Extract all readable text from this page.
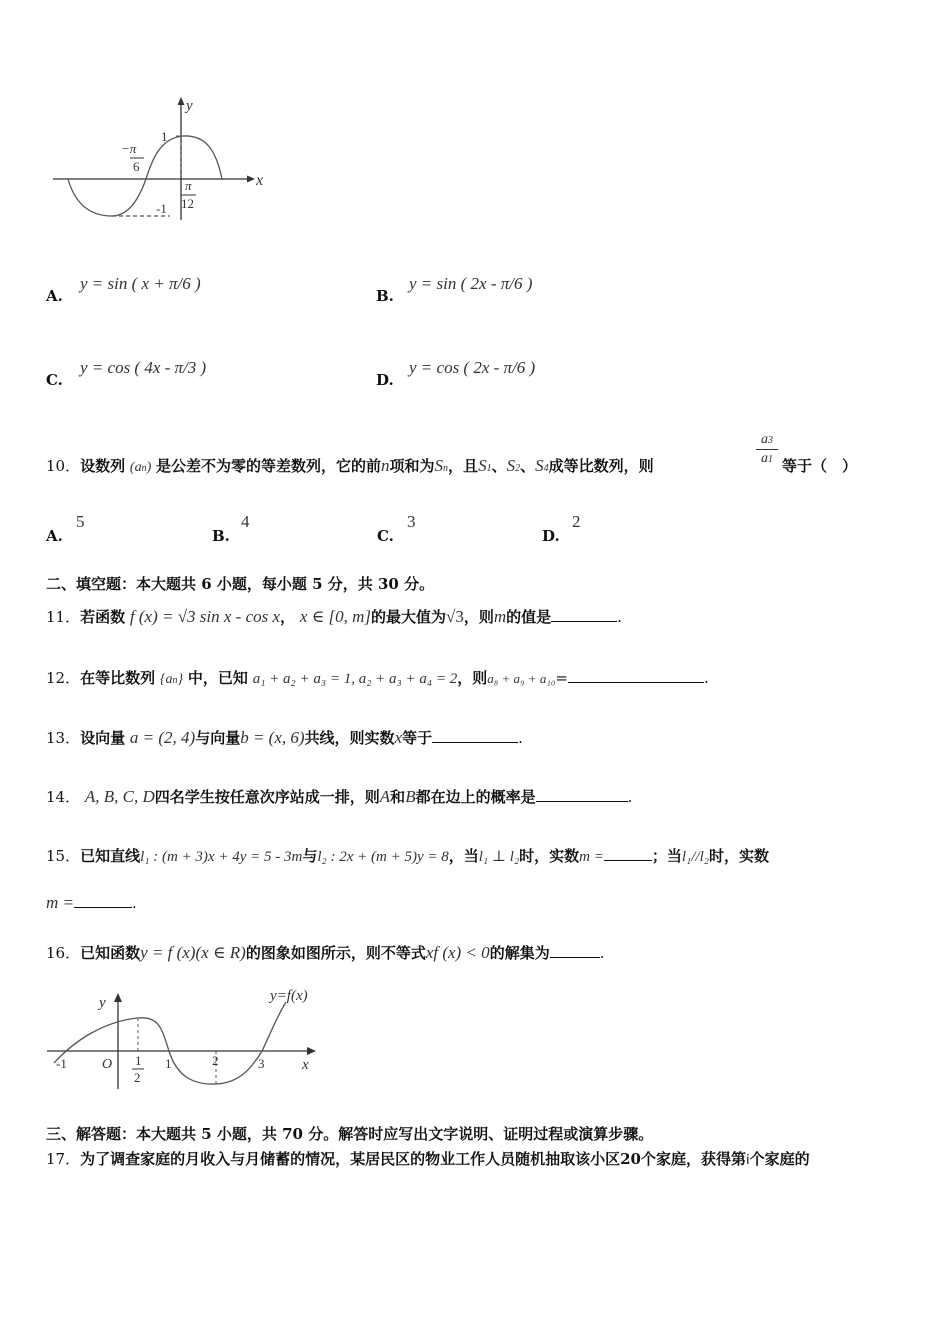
y
x
1
-1
−π
6
π
12
A.
y = sin ( x + π/6 )
B.
y = sin ( 2x - π/6 )
C.
y = cos ( 4x - π/3 )
D.
y = cos ( 2x - π/6 )
10．设数列 (an) 是公差不为零的等差数列，它的前n项和为Sn，且S1、S2、S4成等比数列，则
a3
a1 等于（　）
A.
5
B.
4
C.
3
D.
2
二、填空题：本大题共 6 小题，每小题 5 分，共 30 分。
11．若函数 f (x) = √3 sin x - cos x， x ∈ [0, m]的最大值为√3，则m的值是	.
12．在等比数列 {an} 中，已知 a₁ + a₂ + a₃ = 1, a₂ + a₃ + a₄ = 2，则a₈ + a₉ + a₁₀=	.
13．设向量 a = (2, 4)与向量b = (x, 6)共线，则实数x等于	.
14． A, B, C, D四名学生按任意次序站成一排，则A和B都在边上的概率是	.
15．已知直线l₁ : (m + 3)x + 4y = 5 - 3m与l₂ : 2x + (m + 5)y = 8，当l₁ ⊥ l₂时，实数m =	；当l₁//l₂时，实数
m =	.
16．已知函数y = f (x)(x ∈ R)的图象如图所示，则不等式xf (x) < 0的解集为	.
y
x
y=f(x)
O
-1	1
2
1	2	3
三、解答题：本大题共 5 小题，共 70 分。解答时应写出文字说明、证明过程或演算步骤。
17．为了调查家庭的月收入与月储蓄的情况，某居民区的物业工作人员随机抽取该小区20个家庭，获得第i个家庭的
